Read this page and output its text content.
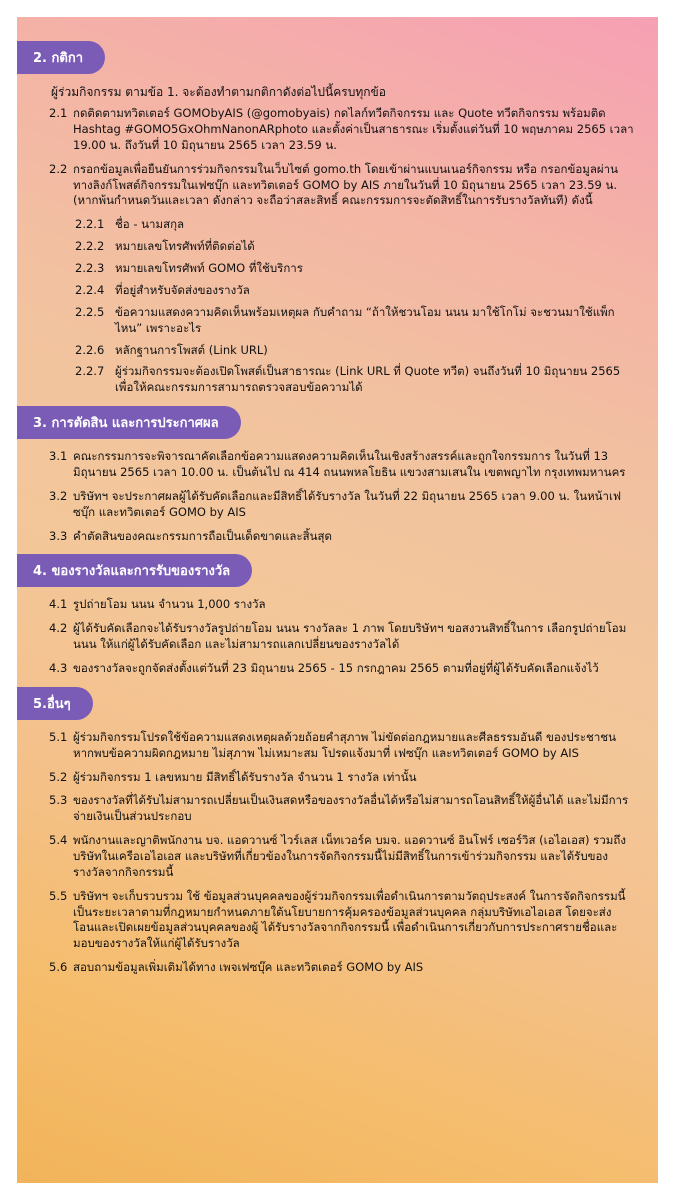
2. กติกา
ผู้ร่วมกิจกรรม ตามข้อ 1. จะต้องทำตามกติกาดังต่อไปนี้ครบทุกข้อ
2.1 กดติดตามทวิตเตอร์ GOMObyAIS (@gomobyais) กดไลก์ทวีตกิจกรรม และ Quote ทวีตกิจกรรม พร้อมติด Hashtag #GOMO5GxOhmNanonARphoto และตั้งค่าเป็นสาธารณะ เริ่มตั้งแต่วันที่ 10 พฤษภาคม 2565 เวลา 19.00 น. ถึงวันที่ 10 มิถุนายน 2565 เวลา 23.59 น.
2.2 กรอกข้อมูลเพื่อยืนยันการร่วมกิจกรรมในเว็บไซต์ gomo.th โดยเข้าผ่านแบนเนอร์กิจกรรม หรือ กรอกข้อมูลผ่านทางลิงก์โพสต์กิจกรรมในเฟซบุ๊ก และทวิตเตอร์ GOMO by AIS ภายในวันที่ 10 มิถุนายน 2565 เวลา 23.59 น. (หากพ้นกำหนดวันและเวลา ดังกล่าว จะถือว่าสละสิทธิ์ คณะกรรมการจะตัดสิทธิ์ในการรับรางวัลทันที) ดังนี้
2.2.1 ชื่อ - นามสกุล
2.2.2 หมายเลขโทรศัพท์ที่ติดต่อได้
2.2.3 หมายเลขโทรศัพท์ GOMO ที่ใช้บริการ
2.2.4 ที่อยู่สำหรับจัดส่งของรางวัล
2.2.5 ข้อความแสดงความคิดเห็นพร้อมเหตุผล กับคำถาม “ถ้าให้ชวนโอม นนน มาใช้โกโม่ จะชวนมาใช้แพ็กไหน” เพราะอะไร
2.2.6 หลักฐานการโพสต์ (Link URL)
2.2.7 ผู้ร่วมกิจกรรมจะต้องเปิดโพสต์เป็นสาธารณะ (Link URL ที่ Quote ทวีต) จนถึงวันที่ 10 มิถุนายน 2565 เพื่อให้คณะกรรมการสามารถตรวจสอบข้อความได้
3. การตัดสิน และการประกาศผล
3.1 คณะกรรมการจะพิจารณาคัดเลือกข้อความแสดงความคิดเห็นในเชิงสร้างสรรค์และถูกใจกรรมการ ในวันที่ 13 มิถุนายน 2565 เวลา 10.00 น. เป็นต้นไป ณ 414 ถนนพหลโยธิน แขวงสามเสนใน เขตพญาไท กรุงเทพมหานคร
3.2 บริษัทฯ จะประกาศผลผู้ได้รับคัดเลือกและมีสิทธิ์ได้รับรางวัล ในวันที่ 22 มิถุนายน 2565 เวลา 9.00 น. ในหน้าเฟซบุ๊ก และทวิตเตอร์ GOMO by AIS
3.3 คำตัดสินของคณะกรรมการถือเป็นเด็ดขาดและสิ้นสุด
4. ของรางวัลและการรับของรางวัล
4.1 รูปถ่ายโอม นนน จำนวน 1,000 รางวัล
4.2 ผู้ได้รับคัดเลือกจะได้รับรางวัลรูปถ่ายโอม นนน รางวัลละ 1 ภาพ โดยบริษัทฯ ขอสงวนสิทธิ์ในการ เลือกรูปถ่ายโอม นนน ให้แก่ผู้ได้รับคัดเลือก และไม่สามารถแลกเปลี่ยนของรางวัลได้
4.3 ของรางวัลจะถูกจัดส่งตั้งแต่วันที่ 23 มิถุนายน 2565 - 15 กรกฎาคม 2565 ตามที่อยู่ที่ผู้ได้รับคัดเลือกแจ้งไว้
5.อื่นๆ
5.1 ผู้ร่วมกิจกรรมโปรดใช้ข้อความแสดงเหตุผลด้วยถ้อยคำสุภาพ ไม่ขัดต่อกฎหมายและศีลธรรมอันดี ของประชาชน หากพบข้อความผิดกฎหมาย ไม่สุภาพ ไม่เหมาะสม โปรดแจ้งมาที่ เฟซบุ๊ก และทวิตเตอร์ GOMO by AIS
5.2 ผู้ร่วมกิจกรรม 1 เลขหมาย มีสิทธิ์ได้รับรางวัล จำนวน 1 รางวัล เท่านั้น
5.3 ของรางวัลที่ได้รับไม่สามารถเปลี่ยนเป็นเงินสดหรือของรางวัลอื่นได้หรือไม่สามารถโอนสิทธิ์ให้ผู้อื่นได้ และไม่มีการจ่ายเงินเป็นส่วนประกอบ
5.4 พนักงานและญาติพนักงาน บจ. แอดวานซ์ ไวร์เลส เน็ทเวอร์ค บมจ. แอดวานซ์ อินโฟร์ เซอร์วิส (เอไอเอส) รวมถึงบริษัทในเครือเอไอเอส และบริษัทที่เกี่ยวข้องในการจัดกิจกรรมนี้ไม่มีสิทธิ์ในการเข้าร่วมกิจกรรม และได้รับของรางวัลจากกิจกรรมนี้
5.5 บริษัทฯ จะเก็บรวบรวม ใช้ ข้อมูลส่วนบุคคลของผู้ร่วมกิจกรรมเพื่อดำเนินการตามวัตถุประสงค์ ในการจัดกิจกรรมนี้ เป็นระยะเวลาตามที่กฎหมายกำหนดภายใต้นโยบายการคุ้มครองข้อมูลส่วนบุคคล กลุ่มบริษัทเอไอเอส โดยจะส่ง โอนและเปิดเผยข้อมูลส่วนบุคคลของผู้ ได้รับรางวัลจากกิจกรรมนี้ เพื่อดำเนินการเกี่ยวกับการประกาศรายชื่อและมอบของรางวัลให้แก่ผู้ได้รับรางวัล
5.6 สอบถามข้อมูลเพิ่มเติมได้ทาง เพจเฟซบุ๊ค และทวิตเตอร์ GOMO by AIS
